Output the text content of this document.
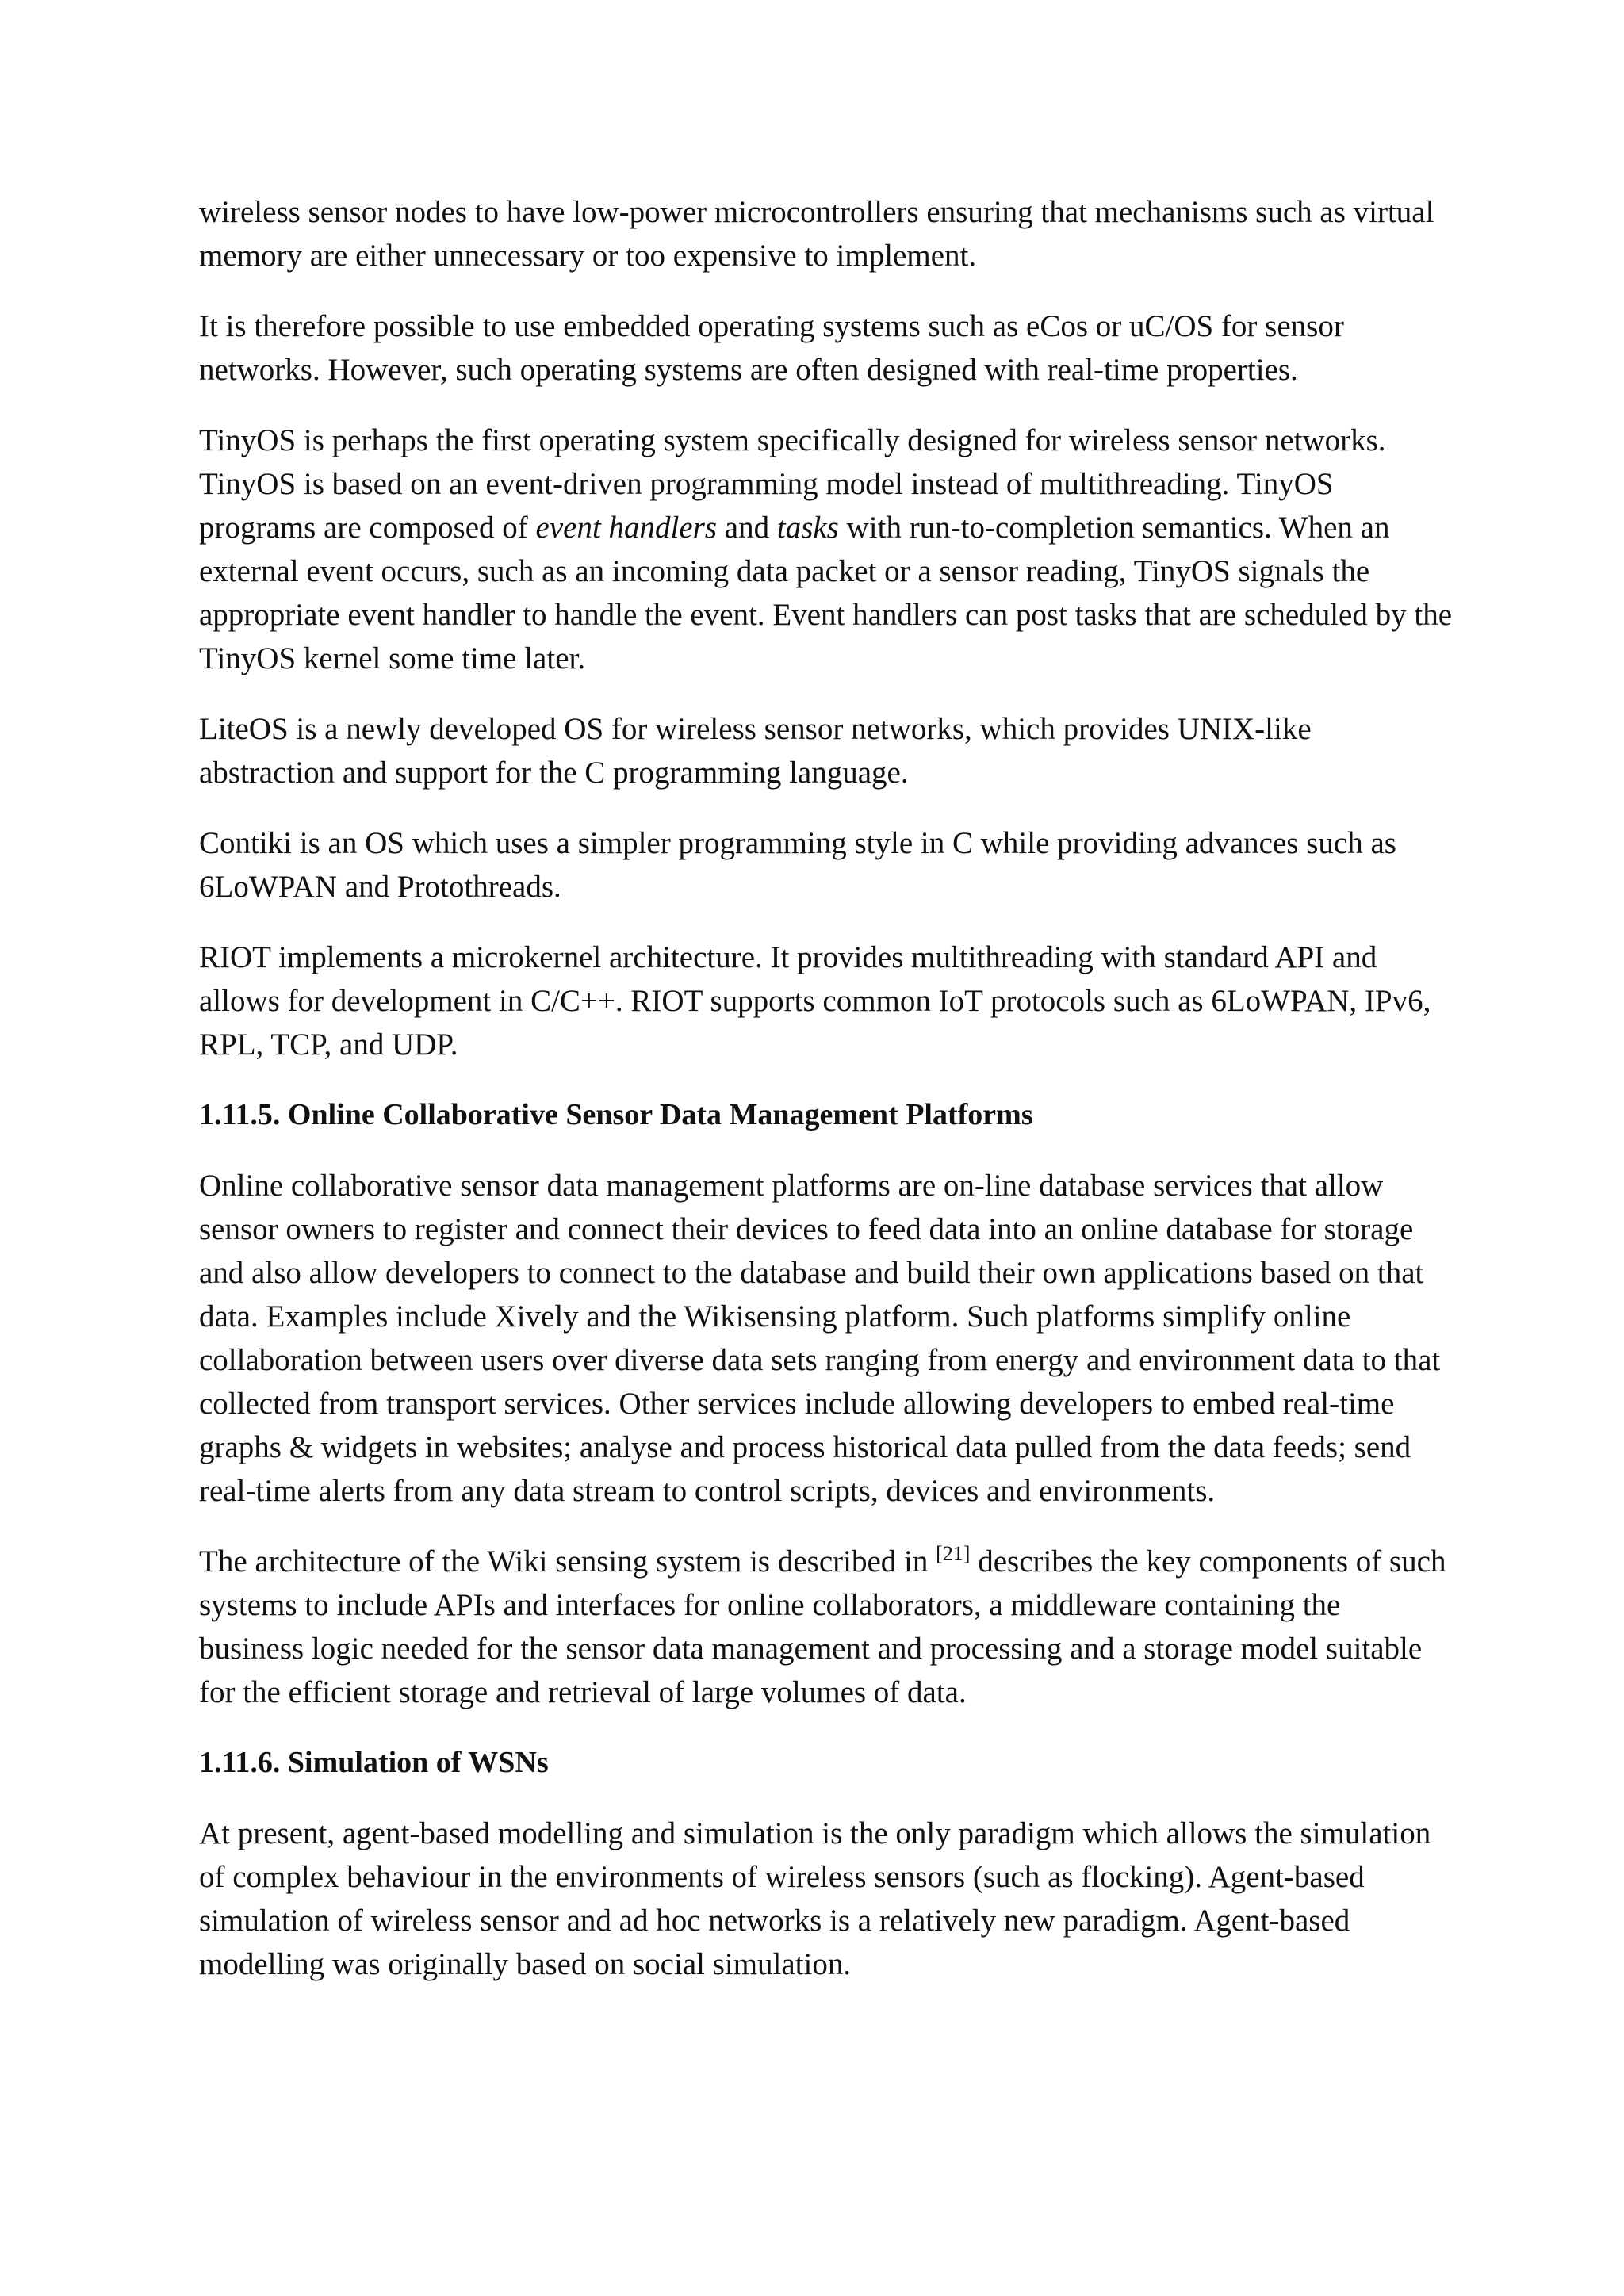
wireless sensor nodes to have low-power microcontrollers ensuring that mechanisms such as virtual memory are either unnecessary or too expensive to implement.

It is therefore possible to use embedded operating systems such as eCos or uC/OS for sensor networks. However, such operating systems are often designed with real-time properties.

TinyOS is perhaps the first operating system specifically designed for wireless sensor networks. TinyOS is based on an event-driven programming model instead of multithreading. TinyOS programs are composed of event handlers and tasks with run-to-completion semantics. When an external event occurs, such as an incoming data packet or a sensor reading, TinyOS signals the appropriate event handler to handle the event. Event handlers can post tasks that are scheduled by the TinyOS kernel some time later.

LiteOS is a newly developed OS for wireless sensor networks, which provides UNIX-like abstraction and support for the C programming language.

Contiki is an OS which uses a simpler programming style in C while providing advances such as 6LoWPAN and Protothreads.

RIOT implements a microkernel architecture. It provides multithreading with standard API and allows for development in C/C++. RIOT supports common IoT protocols such as 6LoWPAN, IPv6, RPL, TCP, and UDP.

1.11.5. Online Collaborative Sensor Data Management Platforms

Online collaborative sensor data management platforms are on-line database services that allow sensor owners to register and connect their devices to feed data into an online database for storage and also allow developers to connect to the database and build their own applications based on that data. Examples include Xively and the Wikisensing platform. Such platforms simplify online collaboration between users over diverse data sets ranging from energy and environment data to that collected from transport services. Other services include allowing developers to embed real-time graphs & widgets in websites; analyse and process historical data pulled from the data feeds; send real-time alerts from any data stream to control scripts, devices and environments.

The architecture of the Wiki sensing system is described in [21] describes the key components of such systems to include APIs and interfaces for online collaborators, a middleware containing the business logic needed for the sensor data management and processing and a storage model suitable for the efficient storage and retrieval of large volumes of data.

1.11.6. Simulation of WSNs

At present, agent-based modelling and simulation is the only paradigm which allows the simulation of complex behaviour in the environments of wireless sensors (such as flocking). Agent-based simulation of wireless sensor and ad hoc networks is a relatively new paradigm. Agent-based modelling was originally based on social simulation.
